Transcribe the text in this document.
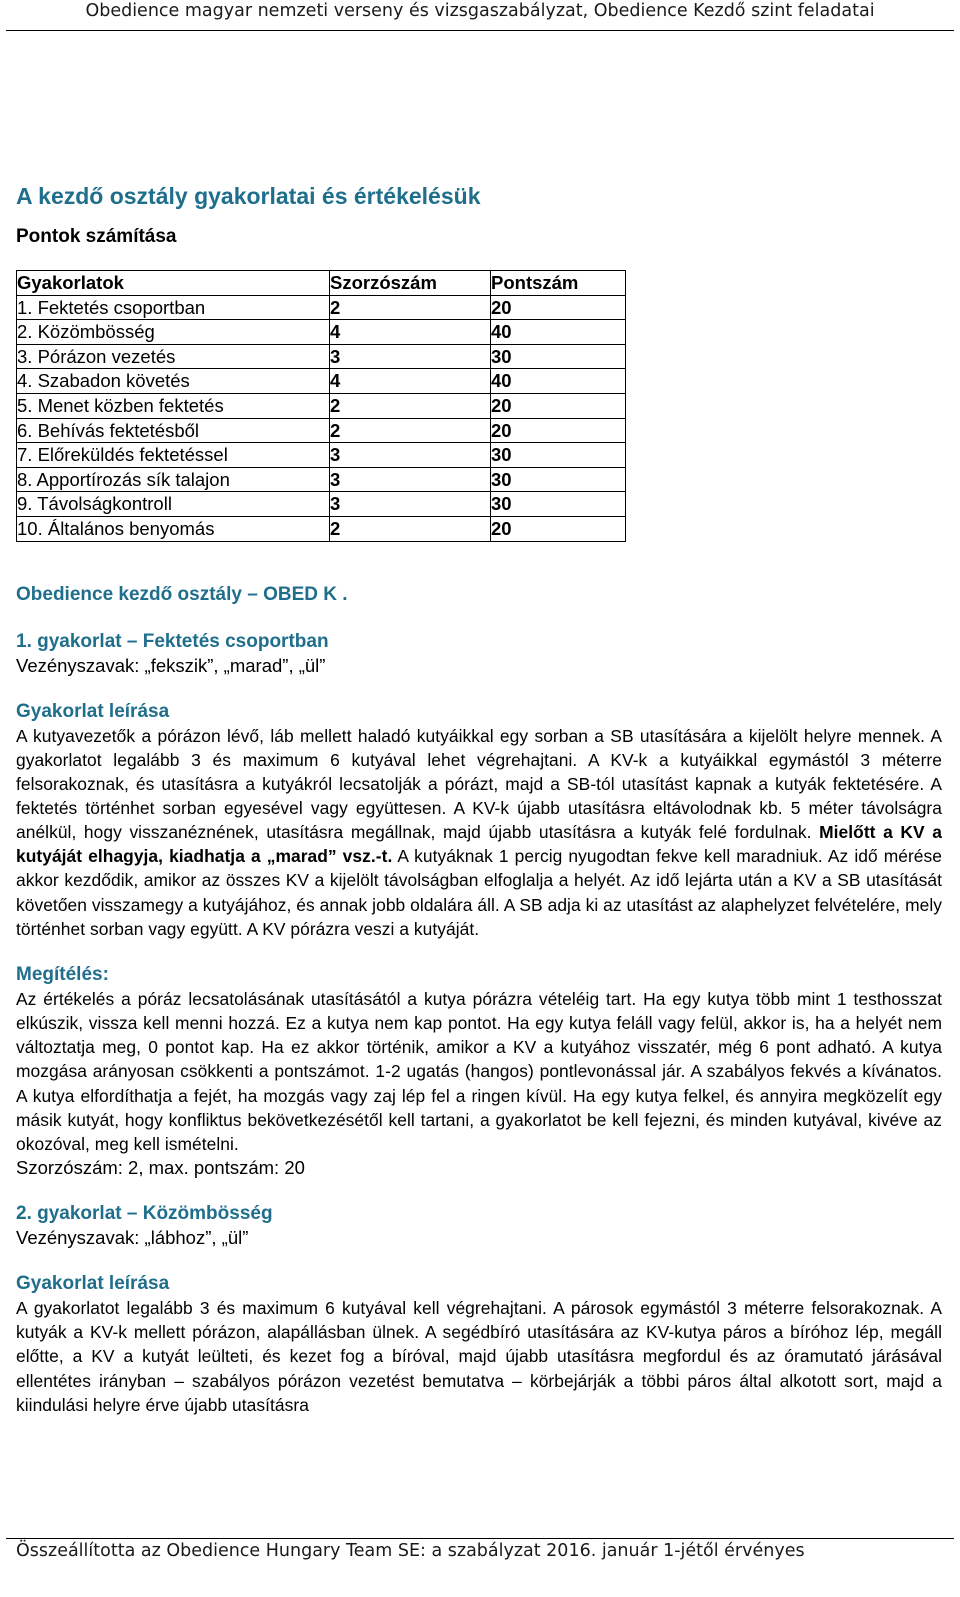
Obedience magyar nemzeti verseny és vizsgaszabályzat, Obedience Kezdő szint feladatai
A kezdő osztály gyakorlatai és értékelésük
Pontok számítása
Gyakorlatok	Szorzószám	Pontszám
1. Fektetés csoportban	2	20
2. Közömbösség	4	40
3. Pórázon vezetés	3	30
4. Szabadon követés	4	40
5. Menet közben fektetés	2	20
6. Behívás fektetésből	2	20
7. Előreküldés fektetéssel	3	30
8. Apportírozás sík talajon	3	30
9. Távolságkontroll	3	30
10. Általános benyomás	2	20
Obedience kezdő osztály – OBED K .
1. gyakorlat – Fektetés csoportban

Vezényszavak: „fekszik”, „marad”, „ül”

Gyakorlat leírása

A kutyavezetők a pórázon lévő, láb mellett haladó kutyáikkal egy sorban a SB utasítására a kijelölt helyre mennek. A gyakorlatot legalább 3 és maximum 6 kutyával lehet végrehajtani. A KV-k a kutyáikkal egymástól 3 méterre felsorakoznak, és utasításra a kutyákról lecsatolják a pórázt, majd a SB-tól utasítást kapnak a kutyák fektetésére. A fektetés történhet sorban egyesével vagy együttesen. A KV-k újabb utasításra eltávolodnak kb. 5 méter távolságra anélkül, hogy visszanéznének, utasításra megállnak, majd újabb utasításra a kutyák felé fordulnak. Mielőtt a KV a kutyáját elhagyja, kiadhatja a „marad” vsz.-t. A kutyáknak 1 percig nyugodtan fekve kell maradniuk. Az idő mérése akkor kezdődik, amikor az összes KV a kijelölt távolságban elfoglalja a helyét. Az idő lejárta után a KV a SB utasítását követően visszamegy a kutyájához, és annak jobb oldalára áll. A SB adja ki az utasítást az alaphelyzet felvételére, mely történhet sorban vagy együtt. A KV pórázra veszi a kutyáját.

Megítélés:

Az értékelés a póráz lecsatolásának utasításától a kutya pórázra vételéig tart. Ha egy kutya több mint 1 testhosszat elkúszik, vissza kell menni hozzá. Ez a kutya nem kap pontot. Ha egy kutya feláll vagy felül, akkor is, ha a helyét nem változtatja meg, 0 pontot kap. Ha ez akkor történik, amikor a KV a kutyához visszatér, még 6 pont adható. A kutya mozgása arányosan csökkenti a pontszámot. 1-2 ugatás (hangos) pontlevonással jár. A szabályos fekvés a kívánatos. A kutya elfordíthatja a fejét, ha mozgás vagy zaj lép fel a ringen kívül. Ha egy kutya felkel, és annyira megközelít egy másik kutyát, hogy konfliktus bekövetkezésétől kell tartani, a gyakorlatot be kell fejezni, és minden kutyával, kivéve az okozóval, meg kell ismételni.

Szorzószám: 2, max. pontszám: 20

2. gyakorlat – Közömbösség

Vezényszavak: „lábhoz”, „ül”

Gyakorlat leírása

A gyakorlatot legalább 3 és maximum 6 kutyával kell végrehajtani. A párosok egymástól 3 méterre felsorakoznak. A kutyák a KV-k mellett pórázon, alapállásban ülnek. A segédbíró utasítására az KV-kutya páros a bíróhoz lép, megáll előtte, a KV a kutyát leülteti, és kezet fog a bíróval, majd újabb utasításra megfordul és az óramutató járásával ellentétes irányban – szabályos pórázon vezetést bemutatva – körbejárják a többi páros által alkotott sort, majd a kiindulási helyre érve újabb utasításra

Összeállította az Obedience Hungary Team SE: a szabályzat 2016. január 1-jétől érvényes
